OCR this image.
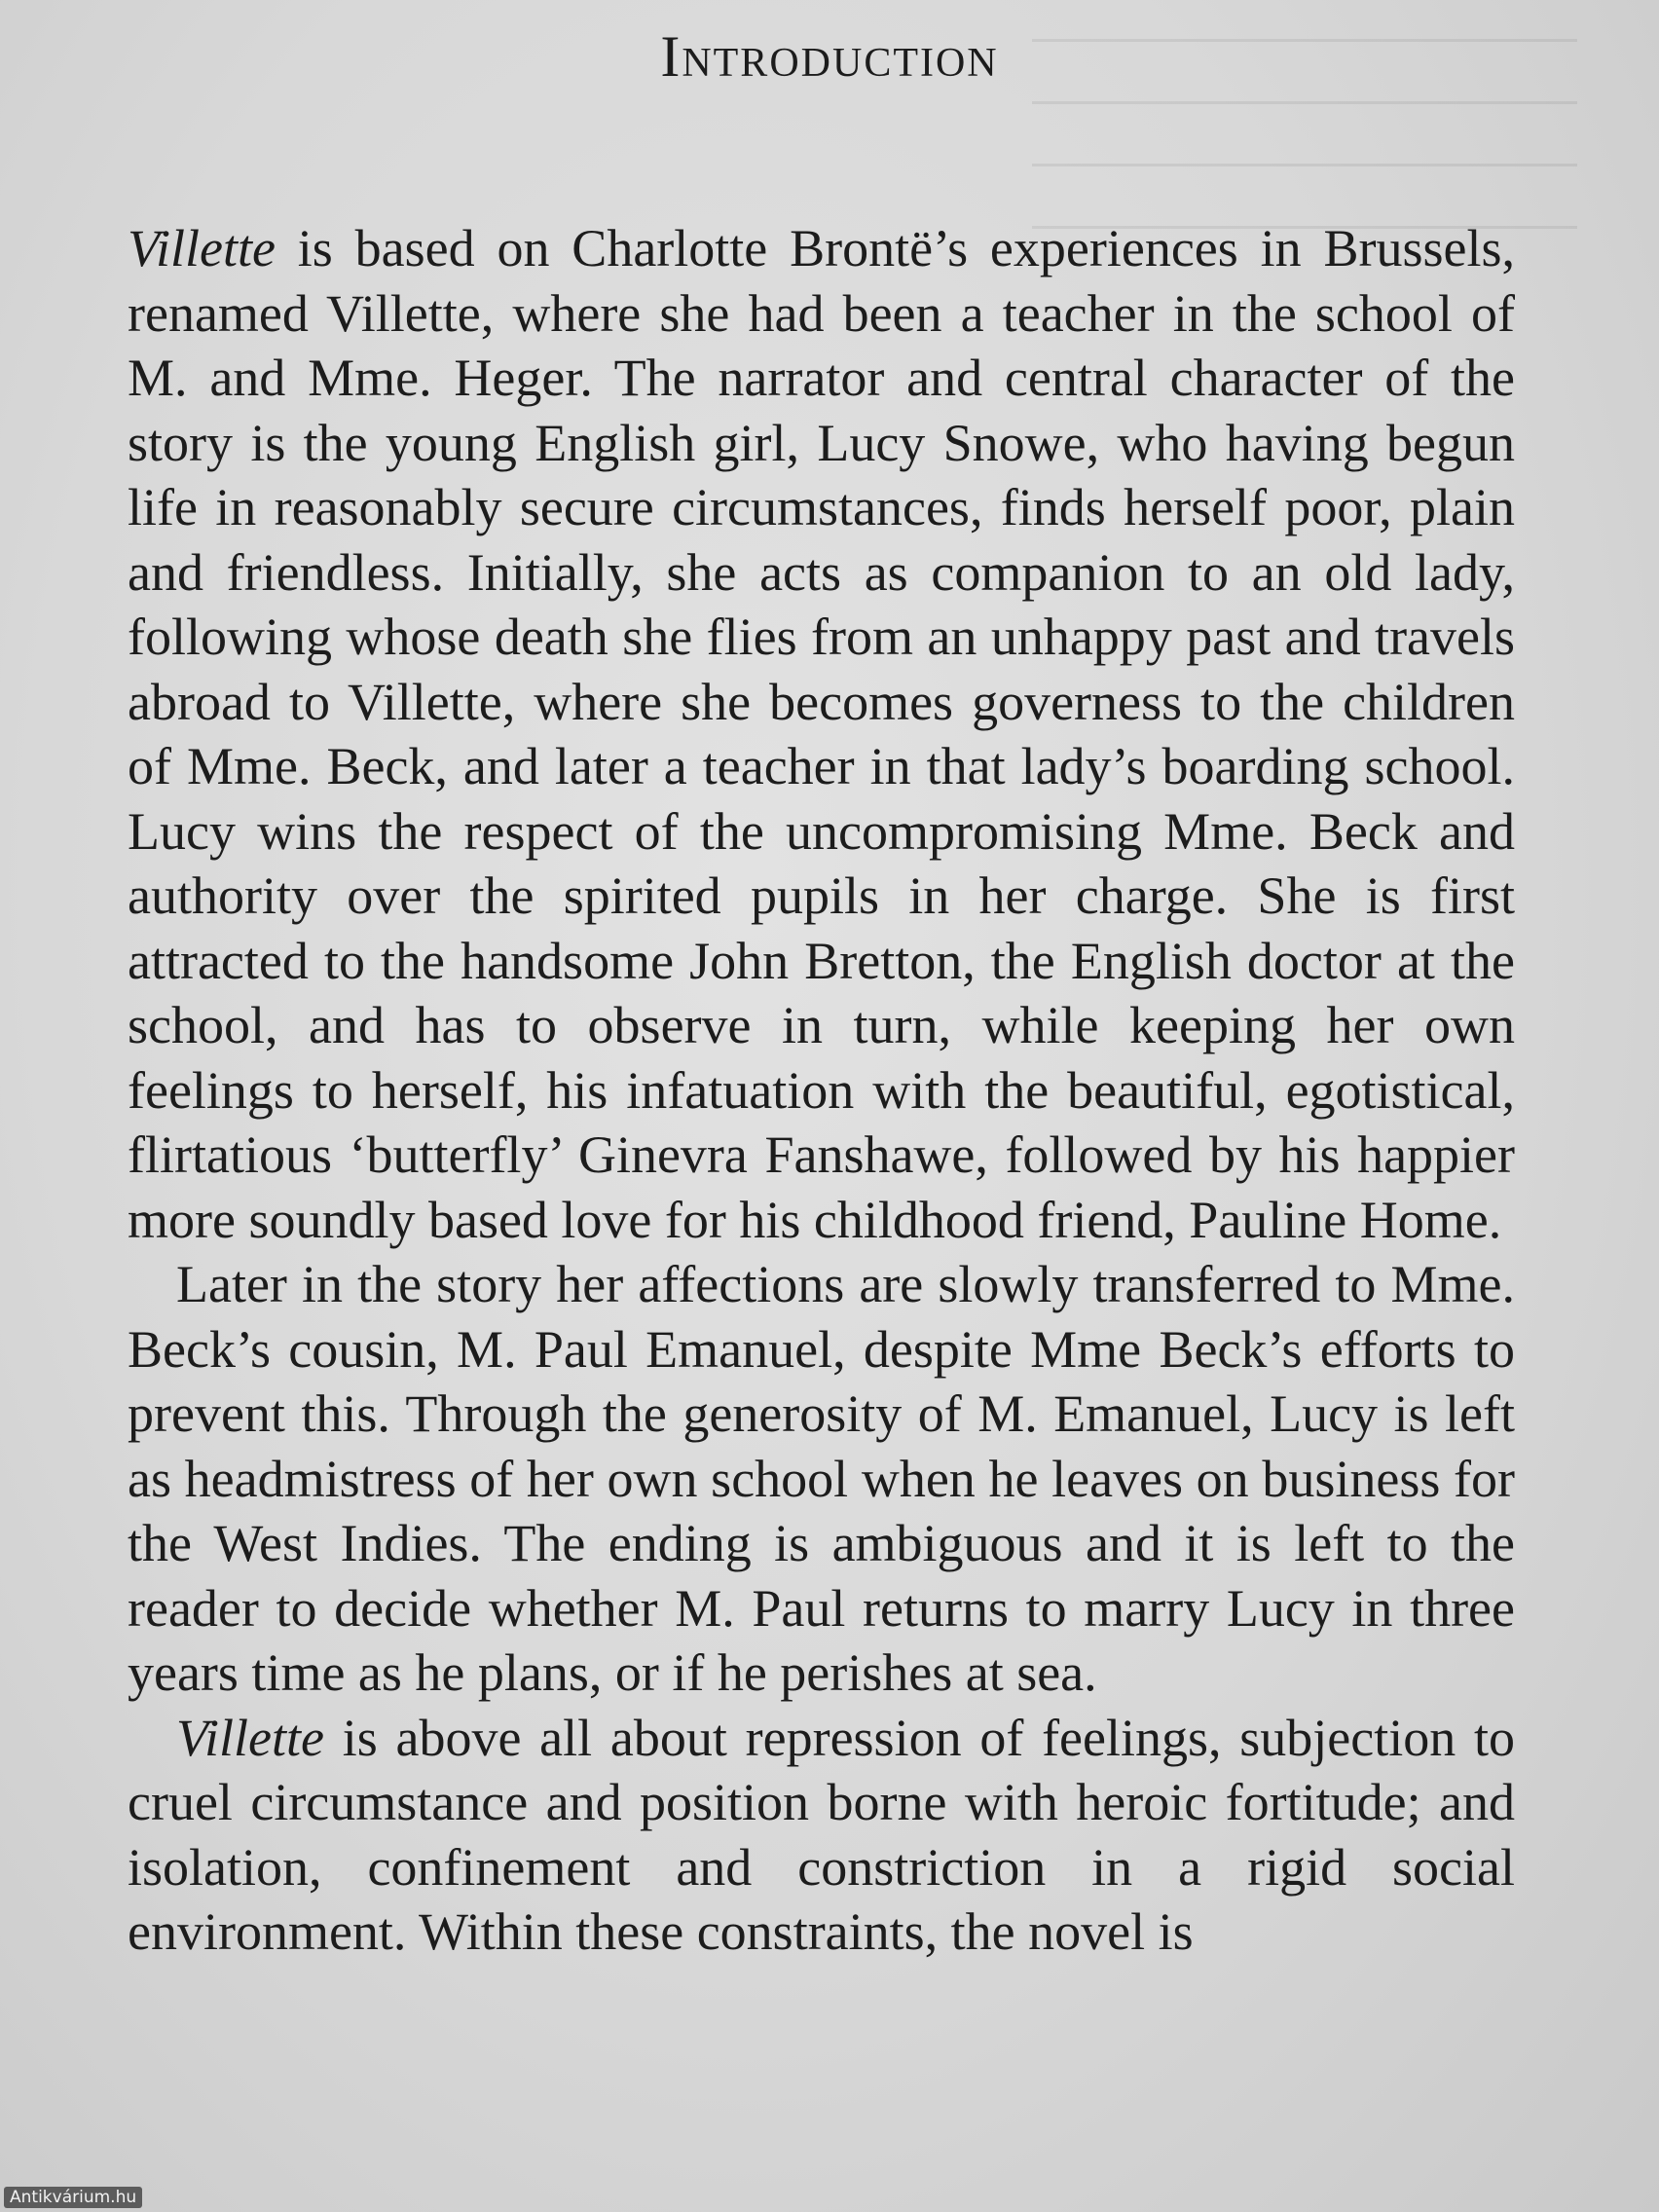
Introduction

Villette is based on Charlotte Brontë’s experiences in Brussels, renamed Villette, where she had been a teacher in the school of M. and Mme. Heger. The narrator and central character of the story is the young English girl, Lucy Snowe, who having begun life in reasonably secure circumstances, finds herself poor, plain and friendless. Initially, she acts as companion to an old lady, following whose death she flies from an unhappy past and travels abroad to Villette, where she becomes governess to the children of Mme. Beck, and later a teacher in that lady’s boarding school. Lucy wins the respect of the uncompromising Mme. Beck and authority over the spirited pupils in her charge. She is first attracted to the handsome John Bretton, the English doctor at the school, and has to observe in turn, while keeping her own feelings to herself, his infatuation with the beautiful, egotistical, flirtatious ‘butterfly’ Ginevra Fanshawe, followed by his happier more soundly based love for his childhood friend, Pauline Home.

Later in the story her affections are slowly transferred to Mme. Beck’s cousin, M. Paul Emanuel, despite Mme Beck’s efforts to prevent this. Through the generosity of M. Emanuel, Lucy is left as headmistress of her own school when he leaves on business for the West Indies. The ending is ambiguous and it is left to the reader to decide whether M. Paul returns to marry Lucy in three years time as he plans, or if he perishes at sea.

Villette is above all about repression of feelings, subjection to cruel circumstance and position borne with heroic fortitude; and isolation, confinement and constriction in a rigid social environment. Within these constraints, the novel is

Antikvárium.hu
